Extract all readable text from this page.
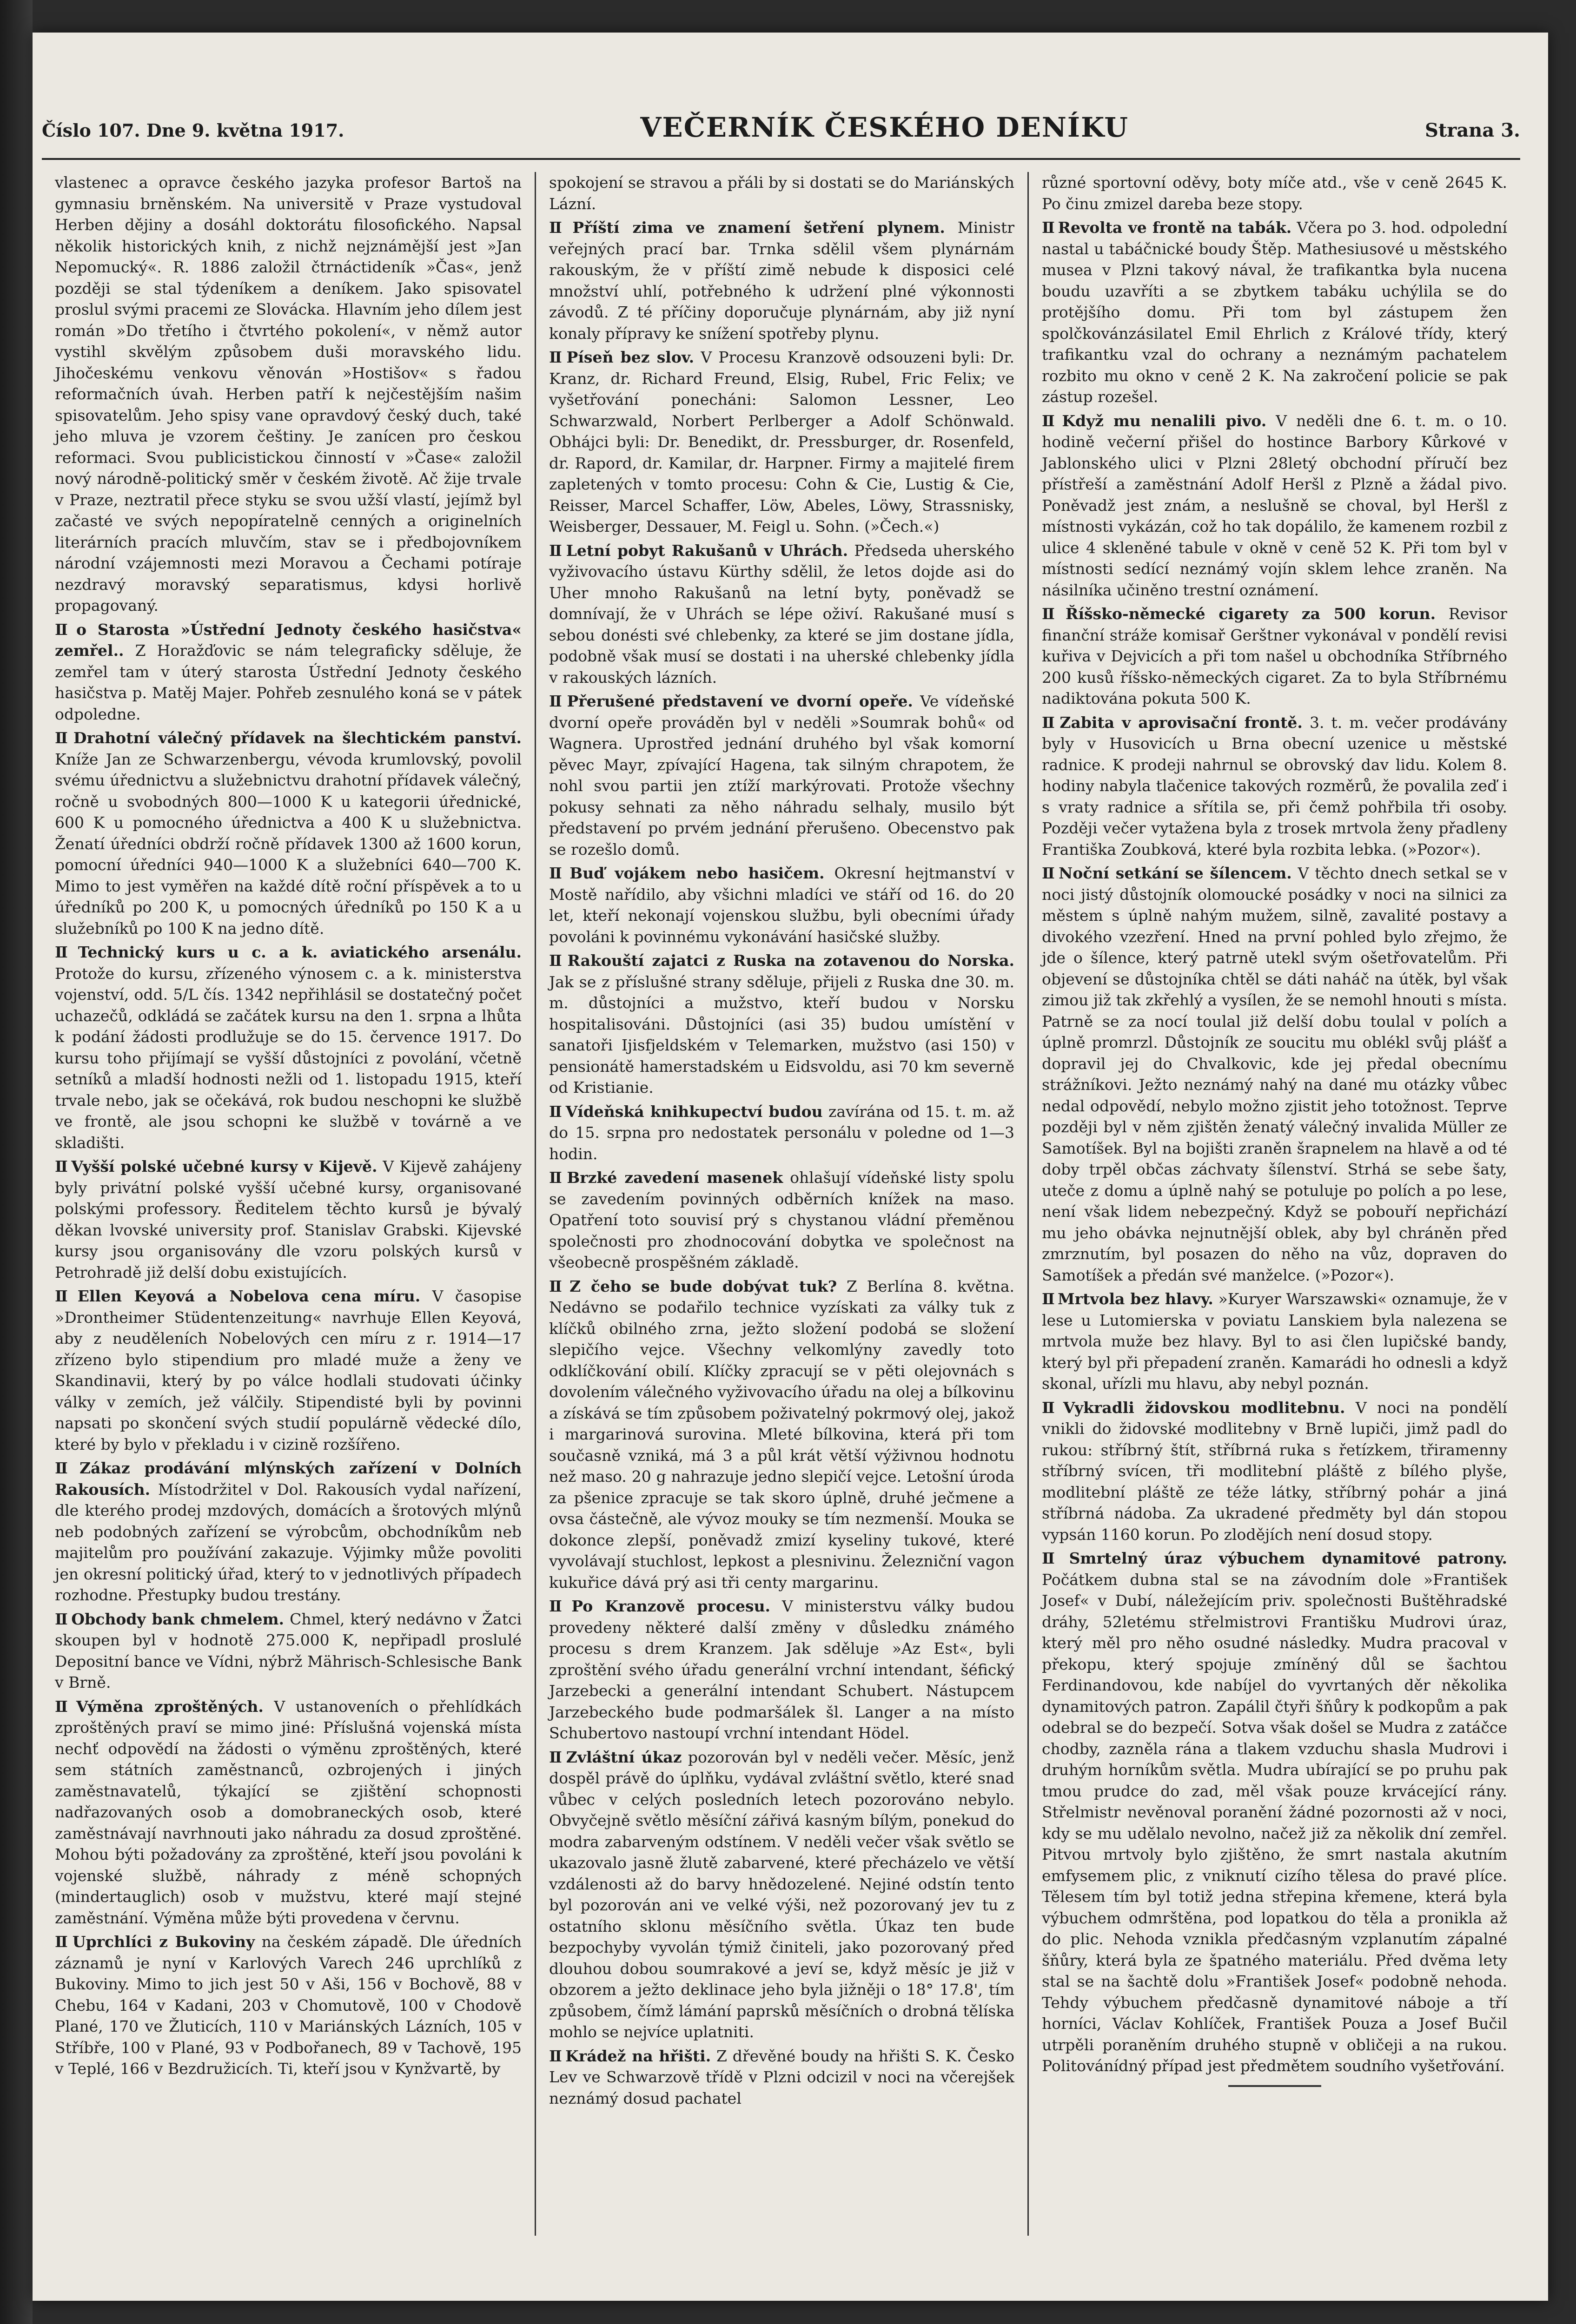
Číslo 107. Dne 9. května 1917.	VEČERNÍK ČESKÉHO DENÍKU	Strana 3.

vlastenec a opravce českého jazyka profesor Bartoš na gymnasiu brněnském. Na universitě v Praze vystudoval Herben dějiny a dosáhl doktorátu filosofického. Napsal několik historických knih, z nichž nejznámější jest »Jan Nepomucký«. R. 1886 založil čtrnáctideník »Čas«, jenž později se stal týdeníkem a deníkem. Jako spisovatel proslul svými pracemi ze Slovácka. Hlavním jeho dílem jest román »Do třetího i čtvrtého pokolení«, v němž autor vystihl skvělým způsobem duši moravského lidu. Jihočeskému venkovu věnován »Hostišov« s řadou reformačních úvah. Herben patří k nejčestějším našim spisovatelům. Jeho spisy vane opravdový český duch, také jeho mluva je vzorem češtiny. Je zanícen pro českou reformaci. Svou publicistickou činností v »Čase« založil nový národně-politický směr v českém životě. Ač žije trvale v Praze, neztratil přece styku se svou užší vlastí, jejímž byl začasté ve svých nepopíratelně cenných a originelních literárních pracích mluvčím, stav se i předbojovníkem národní vzájemnosti mezi Moravou a Čechami potíraje nezdravý moravský separatismus, kdysi horlivě propagovaný.

Ⅱ o Starosta »Ústřední Jednoty českého hasičstva« zemřel.. Z Horažďovic se nám telegraficky sděluje, že zemřel tam v úterý starosta Ústřední Jednoty českého hasičstva p. Matěj Majer. Pohřeb zesnulého koná se v pátek odpoledne.

Ⅱ Drahotní válečný přídavek na šlechtickém panství. Kníže Jan ze Schwarzenbergu, vévoda krumlovský, povolil svému úřednictvu a služebnictvu drahotní přídavek válečný, ročně u svobodných 800—1000 K u kategorii úřednické, 600 K u pomocného úřednictva a 400 K u služebnictva. Ženatí úředníci obdrží ročně přídavek 1300 až 1600 korun, pomocní úředníci 940—1000 K a služebníci 640—700 K. Mimo to jest vyměřen na každé dítě roční příspěvek a to u úředníků po 200 K, u pomocných úředníků po 150 K a u služebníků po 100 K na jedno dítě.

Ⅱ Technický kurs u c. a k. aviatického arsenálu. Protože do kursu, zřízeného výnosem c. a k. ministerstva vojenství, odd. 5/L čís. 1342 nepřihlásil se dostatečný počet uchazečů, odkládá se začátek kursu na den 1. srpna a lhůta k podání žádosti prodlužuje se do 15. července 1917. Do kursu toho přijímají se vyšší důstojníci z povolání, včetně setníků a mladší hodnosti nežli od 1. listopadu 1915, kteří trvale nebo, jak se očekává, rok budou neschopni ke službě ve frontě, ale jsou schopni ke službě v továrně a ve skladišti.

Ⅱ Vyšší polské učebné kursy v Kijevě. V Kijevě zahájeny byly privátní polské vyšší učebné kursy, organisované polskými professory. Ředitelem těchto kursů je bývalý děkan lvovské university prof. Stanislav Grabski. Kijevské kursy jsou organisovány dle vzoru polských kursů v Petrohradě již delší dobu existujících.

Ⅱ Ellen Keyová a Nobelova cena míru. V časopise »Drontheimer Stüdentenzeitung« navrhuje Ellen Keyová, aby z neuděleních Nobelových cen míru z r. 1914—17 zřízeno bylo stipendium pro mladé muže a ženy ve Skandinavii, který by po válce hodlali studovati účinky války v zemích, jež válčily. Stipendisté byli by povinni napsati po skončení svých studií populárně vědecké dílo, které by bylo v překladu i v cizině rozšířeno.

Ⅱ Zákaz prodávání mlýnských zařízení v Dolních Rakousích. Místodržitel v Dol. Rakousích vydal nařízení, dle kterého prodej mzdových, domácích a šrotových mlýnů neb podobných zařízení se výrobcům, obchodníkům neb majitelům pro používání zakazuje. Výjimky může povoliti jen okresní politický úřad, který to v jednotlivých případech rozhodne. Přestupky budou trestány.

Ⅱ Obchody bank chmelem. Chmel, který nedávno v Žatci skoupen byl v hodnotě 275.000 K, nepřipadl proslulé Depositní bance ve Vídni, nýbrž Mährisch-Schlesische Bank v Brně.

Ⅱ Výměna zproštěných. V ustanoveních o přehlídkách zproštěných praví se mimo jiné: Příslušná vojenská místa nechť odpovědí na žádosti o výměnu zproštěných, které sem státních zaměstnanců, ozbrojených i jiných zaměstnavatelů, týkající se zjištění schopnosti nadřazovaných osob a domobraneckých osob, které zaměstnávají navrhnouti jako náhradu za dosud zproštěné. Mohou býti požadovány za zproštěné, kteří jsou povoláni k vojenské službě, náhrady z méně schopných (mindertauglich) osob v mužstvu, které mají stejné zaměstnání. Výměna může býti provedena v červnu.

Ⅱ Uprchlíci z Bukoviny na českém západě. Dle úředních záznamů je nyní v Karlových Varech 246 uprchlíků z Bukoviny. Mimo to jich jest 50 v Aši, 156 v Bochově, 88 v Chebu, 164 v Kadani, 203 v Chomutově, 100 v Chodově Plané, 170 ve Žluticích, 110 v Mariánských Lázních, 105 v Stříbře, 100 v Plané, 93 v Podbořanech, 89 v Tachově, 195 v Teplé, 166 v Bezdružicích. Ti, kteří jsou v Kynžvartě, by

spokojení se stravou a přáli by si dostati se do Mariánských Lázní.

Ⅱ Příští zima ve znamení šetření plynem. Ministr veřejných prací bar. Trnka sdělil všem plynárnám rakouským, že v příští zimě nebude k disposici celé množství uhlí, potřebného k udržení plné výkonnosti závodů. Z té příčiny doporučuje plynárnám, aby již nyní konaly přípravy ke snížení spotřeby plynu.

Ⅱ Píseň bez slov. V Procesu Kranzově odsouzeni byli: Dr. Kranz, dr. Richard Freund, Elsig, Rubel, Fric Felix; ve vyšetřování ponecháni: Salomon Lessner, Leo Schwarzwald, Norbert Perlberger a Adolf Schönwald. Obhájci byli: Dr. Benedikt, dr. Pressburger, dr. Rosenfeld, dr. Rapord, dr. Kamilar, dr. Harpner. Firmy a majitelé firem zapletených v tomto procesu: Cohn & Cie, Lustig & Cie, Reisser, Marcel Schaffer, Löw, Abeles, Löwy, Strassnisky, Weisberger, Dessauer, M. Feigl u. Sohn. (»Čech.«)

Ⅱ Letní pobyt Rakušanů v Uhrách. Předseda uherského vyživovacího ústavu Kürthy sdělil, že letos dojde asi do Uher mnoho Rakušanů na letní byty, poněvadž se domnívají, že v Uhrách se lépe oživí. Rakušané musí s sebou donésti své chlebenky, za které se jim dostane jídla, podobně však musí se dostati i na uherské chlebenky jídla v rakouských lázních.

Ⅱ Přerušené představení ve dvorní opeře. Ve vídeňské dvorní opeře prováděn byl v neděli »Soumrak bohů« od Wagnera. Uprostřed jednání druhého byl však komorní pěvec Mayr, zpívající Hagena, tak silným chrapotem, že nohl svou partii jen ztíží markýrovati. Protože všechny pokusy sehnati za něho náhradu selhaly, musilo být představení po prvém jednání přerušeno. Obecenstvo pak se rozešlo domů.

Ⅱ Buď vojákem nebo hasičem. Okresní hejtmanství v Mostě nařídilo, aby všichni mladíci ve stáří od 16. do 20 let, kteří nekonají vojenskou službu, byli obecními úřady povoláni k povinnému vykonávání hasičské služby.

Ⅱ Rakouští zajatci z Ruska na zotavenou do Norska. Jak se z příslušné strany sděluje, přijeli z Ruska dne 30. m. m. důstojníci a mužstvo, kteří budou v Norsku hospitalisováni. Důstojníci (asi 35) budou umístění v sanatoři Ijisfjeldském v Telemarken, mužstvo (asi 150) v pensionátě hamerstadském u Eidsvoldu, asi 70 km severně od Kristianie.

Ⅱ Vídeňská knihkupectví budou zavírána od 15. t. m. až do 15. srpna pro nedostatek personálu v poledne od 1—3 hodin.

Ⅱ Brzké zavedení masenek ohlašují vídeňské listy spolu se zavedením povinných odběrních knížek na maso. Opatření toto souvisí prý s chystanou vládní přeměnou společnosti pro zhodnocování dobytka ve společnost na všeobecně prospěšném základě.

Ⅱ Z čeho se bude dobývat tuk? Z Berlína 8. května. Nedávno se podařilo technice vyzískati za války tuk z klíčků obilného zrna, ježto složení podobá se složení slepičího vejce. Všechny velkomlýny zavedly toto odklíčkování obilí. Klíčky zpracují se v pěti olejovnách s dovolením válečného vyživovacího úřadu na olej a bílkovinu a získává se tím způsobem poživatelný pokrmový olej, jakož i margarinová surovina. Mleté bílkovina, která při tom současně vzniká, má 3 a půl krát větší výživnou hodnotu než maso. 20 g nahrazuje jedno slepičí vejce. Letošní úroda za pšenice zpracuje se tak skoro úplně, druhé ječmene a ovsa částečně, ale vývoz mouky se tím nezmenší. Mouka se dokonce zlepší, poněvadž zmizí kyseliny tukové, které vyvolávají stuchlost, lepkost a plesnivinu. Železniční vagon kukuřice dává prý asi tři centy margarinu.

Ⅱ Po Kranzově procesu. V ministerstvu války budou provedeny některé další změny v důsledku známého procesu s drem Kranzem. Jak sděluje »Az Est«, byli zproštění svého úřadu generální vrchní intendant, šéfický Jarzebecki a generální intendant Schubert. Nástupcem Jarzebeckého bude podmaršálek šl. Langer a na místo Schubertovo nastoupí vrchní intendant Hödel.

Ⅱ Zvláštní úkaz pozorován byl v neděli večer. Měsíc, jenž dospěl právě do úplňku, vydával zvláštní světlo, které snad vůbec v celých posledních letech pozorováno nebylo. Obvyčejně světlo měsíční zářivá kasným bílým, ponekud do modra zabarveným odstínem. V neděli večer však světlo se ukazovalo jasně žlutě zabarvené, které přecházelo ve větší vzdálenosti až do barvy hnědozelené. Nejiné odstín tento byl pozorován ani ve velké výši, než pozorovaný jev tu z ostatního sklonu měsíčního světla. Úkaz ten bude bezpochyby vyvolán týmiž činiteli, jako pozorovaný před dlouhou dobou soumrakové a jeví se, když měsíc je již v obzorem a ježto deklinace jeho byla jižněji o 18° 17.8', tím způsobem, čímž lámání paprsků měsíčních o drobná tělíska mohlo se nejvíce uplatniti.

Ⅱ Krádež na hřišti. Z dřevěné boudy na hřišti S. K. Česko Lev ve Schwarzově třídě v Plzni odcizil v noci na včerejšek neznámý dosud pachatel

různé sportovní oděvy, boty míče atd., vše v ceně 2645 K. Po činu zmizel dareba beze stopy.

Ⅱ Revolta ve frontě na tabák. Včera po 3. hod. odpolední nastal u tabáčnické boudy Štěp. Mathesiusové u městského musea v Plzni takový nával, že trafikantka byla nucena boudu uzavříti a se zbytkem tabáku uchýlila se do protějšího domu. Při tom byl zástupem žen spolčkovánzásilatel Emil Ehrlich z Králové třídy, který trafikantku vzal do ochrany a neznámým pachatelem rozbito mu okno v ceně 2 K. Na zakročení policie se pak zástup rozešel.

Ⅱ Když mu nenalili pivo. V neděli dne 6. t. m. o 10. hodině večerní přišel do hostince Barbory Kůrkové v Jablonského ulici v Plzni 28letý obchodní příručí bez přístřeší a zaměstnání Adolf Heršl z Plzně a žádal pivo. Poněvadž jest znám, a neslušně se choval, byl Heršl z místnosti vykázán, což ho tak dopálilo, že kamenem rozbil z ulice 4 skleněné tabule v okně v ceně 52 K. Při tom byl v místnosti sedící neznámý vojín sklem lehce zraněn. Na násilníka učiněno trestní oznámení.

Ⅱ Říšsko-německé cigarety za 500 korun. Revisor finanční stráže komisař Gerštner vykonával v pondělí revisi kuřiva v Dejvicích a při tom našel u obchodníka Stříbrného 200 kusů říšsko-německých cigaret. Za to byla Stříbrnému nadiktována pokuta 500 K.

Ⅱ Zabita v aprovisační frontě. 3. t. m. večer prodávány byly v Husovicích u Brna obecní uzenice u městské radnice. K prodeji nahrnul se obrovský dav lidu. Kolem 8. hodiny nabyla tlačenice takových rozměrů, že povalila zeď i s vraty radnice a sřítila se, při čemž pohřbila tři osoby. Později večer vytažena byla z trosek mrtvola ženy přadleny Františka Zoubková, které byla rozbita lebka. (»Pozor«).

Ⅱ Noční setkání se šílencem. V těchto dnech setkal se v noci jistý důstojník olomoucké posádky v noci na silnici za městem s úplně nahým mužem, silně, zavalité postavy a divokého vzezření. Hned na první pohled bylo zřejmo, že jde o šílence, který patrně utekl svým ošetřovatelům. Při objevení se důstojníka chtěl se dáti naháč na útěk, byl však zimou již tak zkřehlý a vysílen, že se nemohl hnouti s místa. Patrně se za nocí toulal již delší dobu toulal v polích a úplně promrzl. Důstojník ze soucitu mu oblékl svůj plášť a dopravil jej do Chvalkovic, kde jej předal obecnímu strážníkovi. Ježto neznámý nahý na dané mu otázky vůbec nedal odpovědí, nebylo možno zjistit jeho totožnost. Teprve později byl v něm zjištěn ženatý válečný invalida Müller ze Samotíšek. Byl na bojišti zraněn šrapnelem na hlavě a od té doby trpěl občas záchvaty šílenství. Strhá se sebe šaty, uteče z domu a úplně nahý se potuluje po polích a po lese, není však lidem nebezpečný. Když se pobouří nepřichází mu jeho obávka nejnutnější oblek, aby byl chráněn před zmrznutím, byl posazen do něho na vůz, dopraven do Samotíšek a předán své manželce. (»Pozor«).

Ⅱ Mrtvola bez hlavy. »Kuryer Warszawski« oznamuje, že v lese u Lutomierska v poviatu Lanskiem byla nalezena se mrtvola muže bez hlavy. Byl to asi člen lupičské bandy, který byl při přepadení zraněn. Kamarádi ho odnesli a když skonal, uřízli mu hlavu, aby nebyl poznán.

Ⅱ Vykradli židovskou modlitebnu. V noci na pondělí vnikli do židovské modlitebny v Brně lupiči, jimž padl do rukou: stříbrný štít, stříbrná ruka s řetízkem, třiramenny stříbrný svícen, tři modlitební pláště z bílého plyše, modlitební pláště ze téže látky, stříbrný pohár a jiná stříbrná nádoba. Za ukradené předměty byl dán stopou vypsán 1160 korun. Po zlodějích není dosud stopy.

Ⅱ Smrtelný úraz výbuchem dynamitové patrony. Počátkem dubna stal se na závodním dole »František Josef« v Dubí, náležejícím priv. společnosti Buštěhradské dráhy, 52letému střelmistrovi Františku Mudrovi úraz, který měl pro něho osudné následky. Mudra pracoval v překopu, který spojuje zmíněný důl se šachtou Ferdinandovou, kde nabíjel do vyvrtaných děr několika dynamitových patron. Zapálil čtyři šňůry k podkopům a pak odebral se do bezpečí. Sotva však došel se Mudra z zatáčce chodby, zazněla rána a tlakem vzduchu shasla Mudrovi i druhým horníkům světla. Mudra ubírající se po pruhu pak tmou prudce do zad, měl však pouze krvácející rány. Střelmistr nevěnoval poranění žádné pozornosti až v noci, kdy se mu udělalo nevolno, načež již za několik dní zemřel. Pitvou mrtvoly bylo zjištěno, že smrt nastala akutním emfysemem plic, z vniknutí cizího tělesa do pravé plíce. Tělesem tím byl totiž jedna střepina křemene, která byla výbuchem odmrštěna, pod lopatkou do těla a pronikla až do plic. Nehoda vznikla předčasným vzplanutím zápalné šňůry, která byla ze špatného materiálu. Před dvěma lety stal se na šachtě dolu »František Josef« podobně nehoda. Tehdy výbuchem předčasně dynamitové náboje a tří horníci, Václav Kohlíček, František Pouza a Josef Bučil utrpěli poraněním druhého stupně v obličeji a na rukou. Politovánídný případ jest předmětem soudního vyšetřování.
